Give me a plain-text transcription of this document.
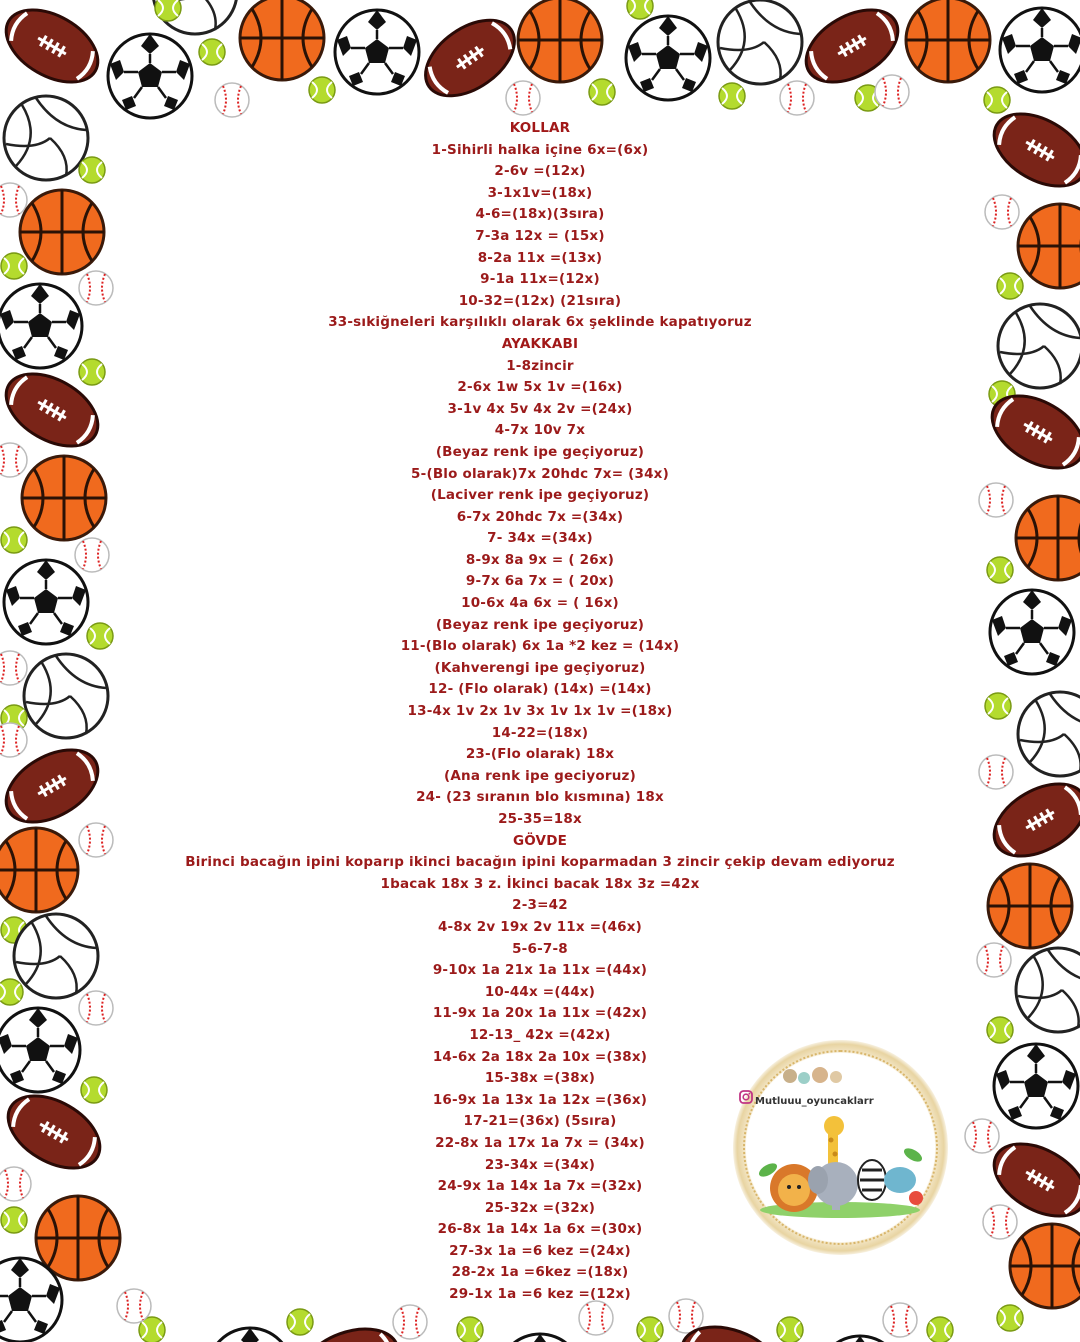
KOLLAR
1-Sihirli halka içine 6x=(6x)
2-6v =(12x)
3-1x1v=(18x)
4-6=(18x)(3sıra)
7-3a 12x = (15x)
8-2a 11x =(13x)
9-1a 11x=(12x)
10-32=(12x) (21sıra)
33-sıkiğneleri karşılıklı olarak 6x şeklinde kapatıyoruz
AYAKKABI
1-8zincir
2-6x 1w 5x 1v =(16x)
3-1v 4x 5v 4x 2v =(24x)
4-7x 10v 7x
(Beyaz renk ipe geçiyoruz)
5-(Blo olarak)7x 20hdc 7x= (34x)
(Laciver renk ipe geçiyoruz)
6-7x 20hdc 7x =(34x)
7- 34x =(34x)
8-9x 8a 9x = ( 26x)
9-7x 6a 7x = ( 20x)
10-6x 4a 6x = ( 16x)
(Beyaz renk ipe geçiyoruz)
11-(Blo olarak) 6x 1a *2 kez = (14x)
(Kahverengi ipe geçiyoruz)
12- (Flo olarak) (14x) =(14x)
13-4x 1v 2x 1v 3x 1v 1x 1v =(18x)
14-22=(18x)
23-(Flo olarak) 18x
(Ana renk ipe geciyoruz)
24- (23 sıranın blo kısmına) 18x
25-35=18x
GÖVDE
Birinci bacağın ipini koparıp ikinci bacağın ipini koparmadan 3 zincir çekip devam ediyoruz
1bacak 18x 3 z. İkinci bacak 18x 3z =42x
2-3=42
4-8x 2v 19x 2v 11x =(46x)
5-6-7-8
9-10x 1a 21x 1a 11x =(44x)
10-44x =(44x)
11-9x 1a 20x 1a 11x =(42x)
12-13_ 42x =(42x)
14-6x 2a 18x 2a 10x =(38x)
15-38x =(38x)
16-9x 1a 13x 1a 12x =(36x)
17-21=(36x) (5sıra)
22-8x 1a 17x 1a 7x = (34x)
23-34x =(34x)
24-9x 1a 14x 1a 7x =(32x)
25-32x =(32x)
26-8x 1a 14x 1a 6x =(30x)
27-3x 1a =6 kez =(24x)
28-2x 1a =6kez =(18x)
29-1x 1a =6 kez =(12x)
Mutluuu_oyuncaklarr
